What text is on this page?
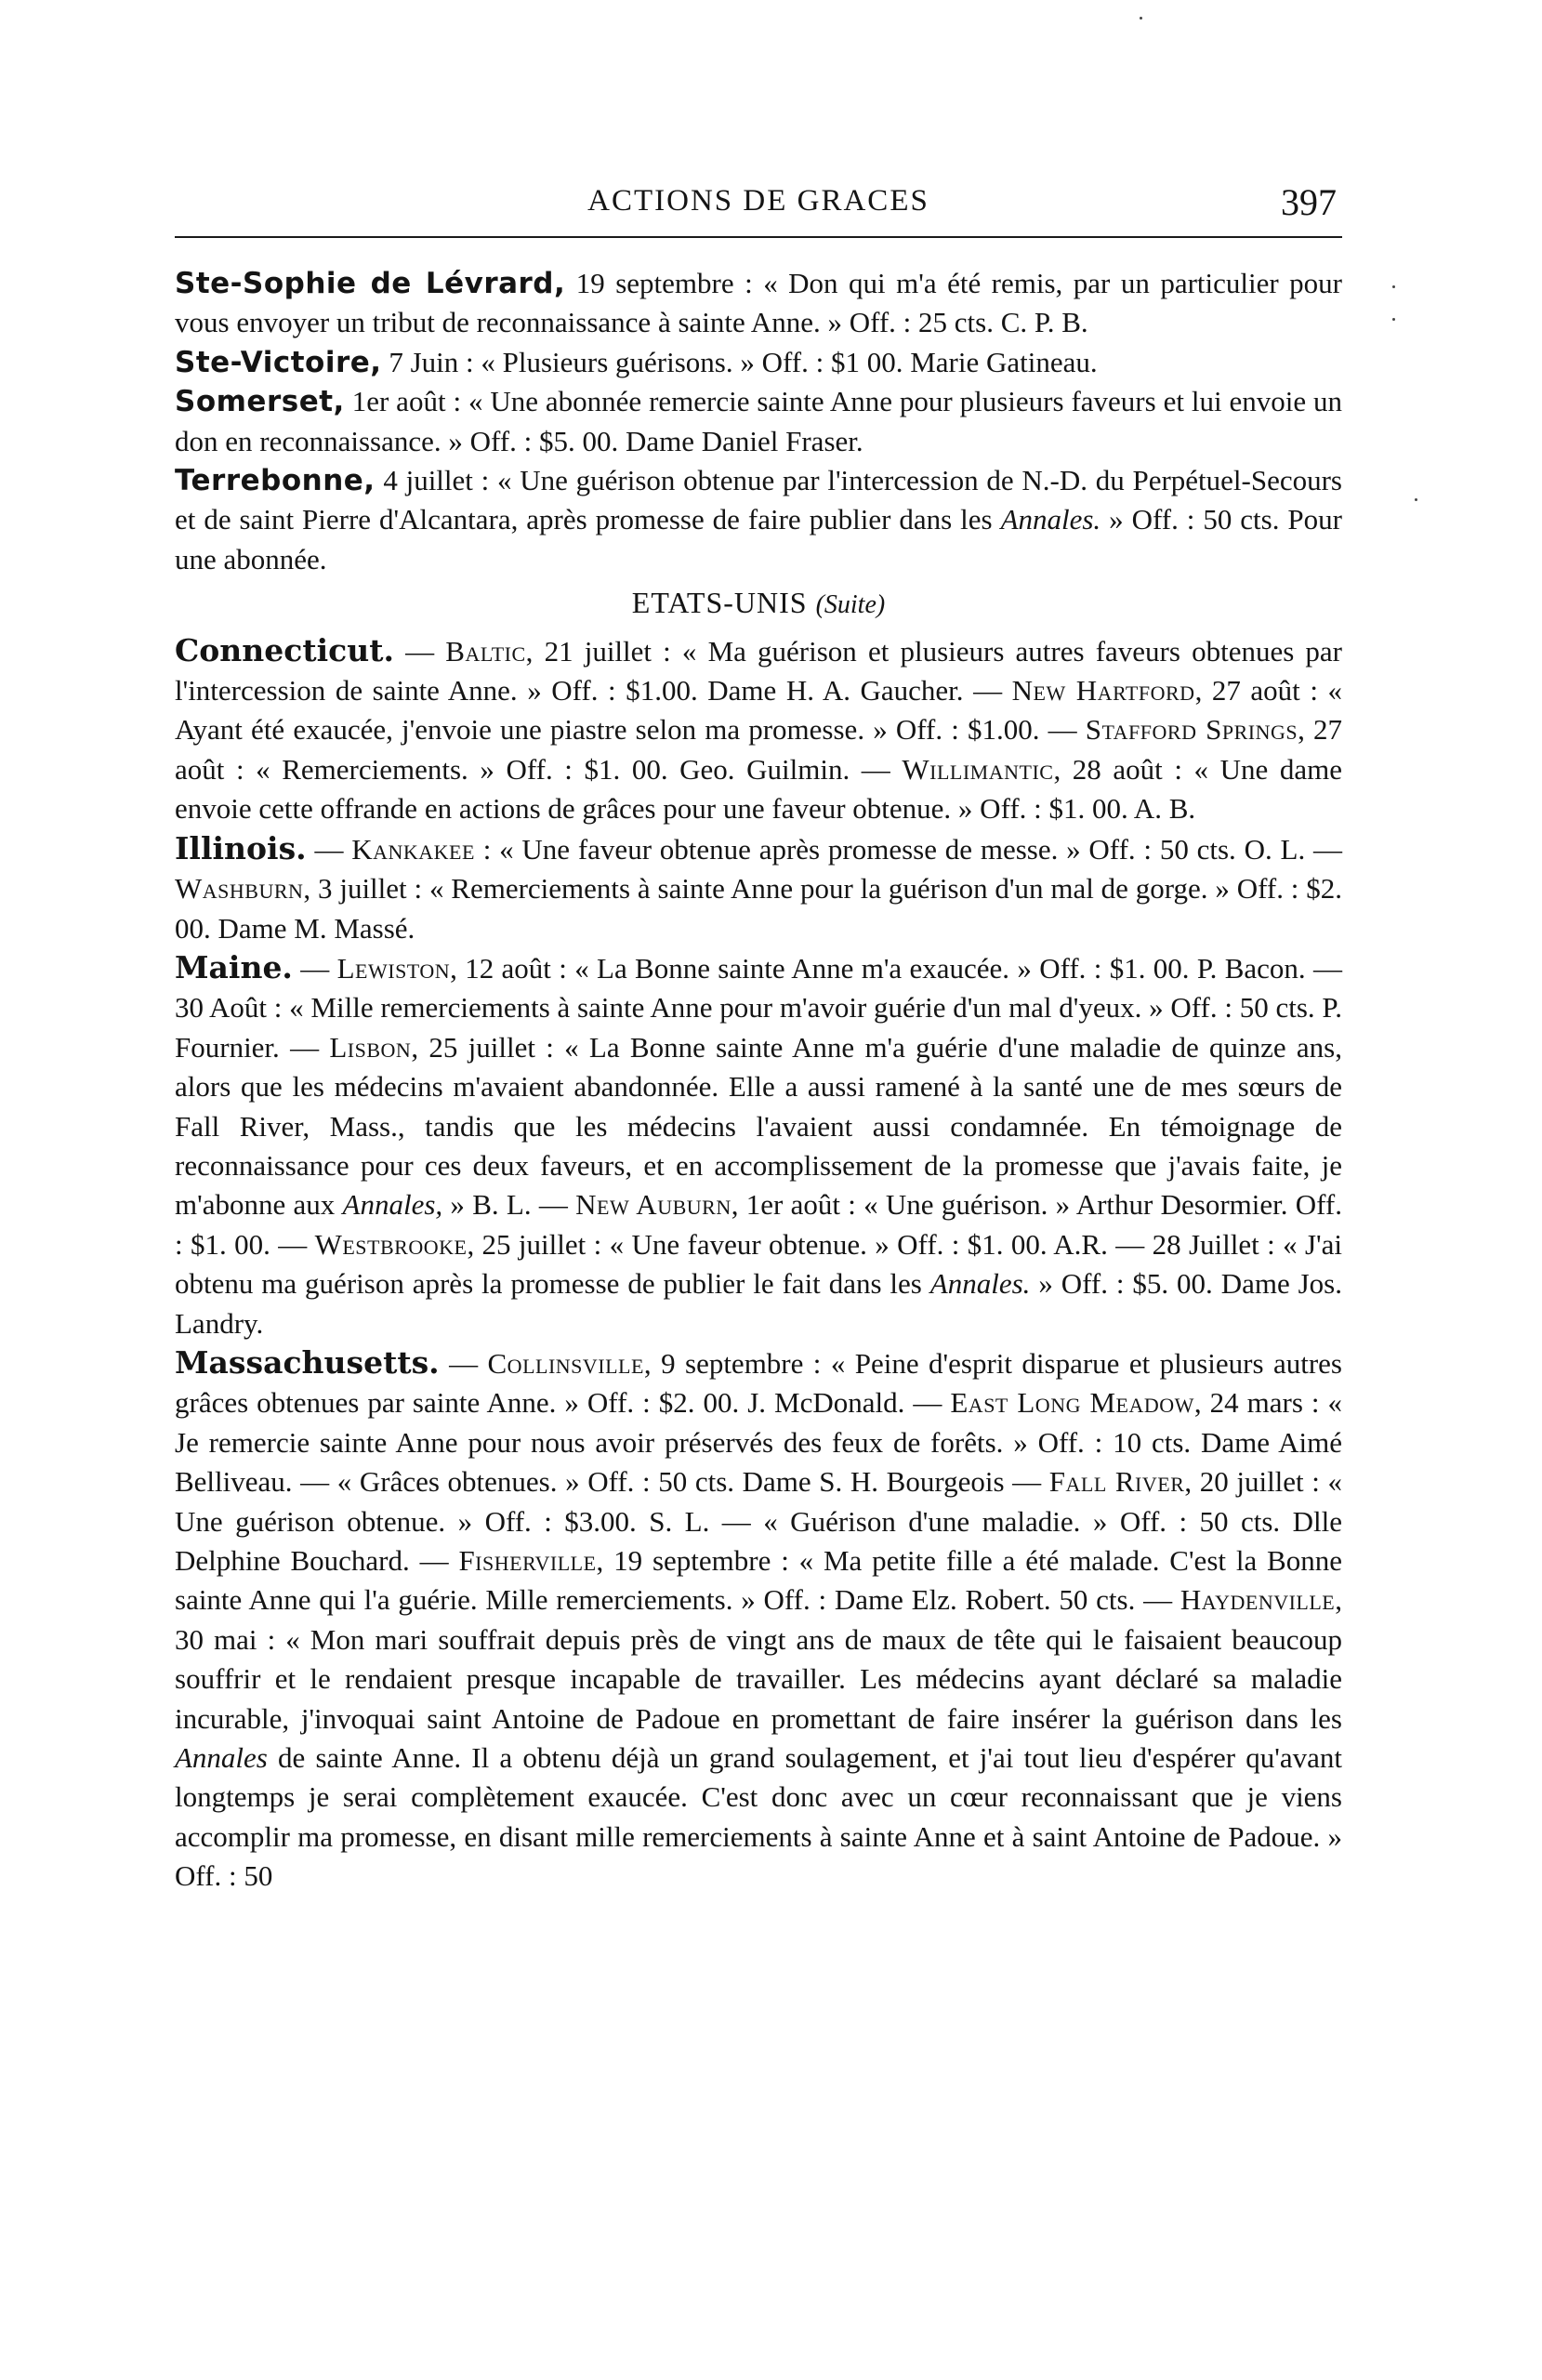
ACTIONS DE GRACES	397

Ste-Sophie de Lévrard, 19 septembre : « Don qui m'a été remis, par un particulier pour vous envoyer un tribut de reconnaissance à sainte Anne. » Off. : 25 cts. C. P. B.

Ste-Victoire, 7 Juin : « Plusieurs guérisons. » Off. : $1 00. Marie Gatineau.

Somerset, 1er août : « Une abonnée remercie sainte Anne pour plusieurs faveurs et lui envoie un don en reconnaissance. » Off. : $5. 00. Dame Daniel Fraser.

Terrebonne, 4 juillet : « Une guérison obtenue par l'intercession de N.-D. du Perpétuel-Secours et de saint Pierre d'Alcantara, après promesse de faire publier dans les Annales. » Off. : 50 cts. Pour une abonnée.

ETATS-UNIS (Suite)

Connecticut. — Baltic, 21 juillet : « Ma guérison et plusieurs autres faveurs obtenues par l'intercession de sainte Anne. » Off. : $1.00. Dame H. A. Gaucher. — New Hartford, 27 août : « Ayant été exaucée, j'envoie une piastre selon ma promesse. » Off. : $1.00. — Stafford Springs, 27 août : « Remerciements. » Off. : $1. 00. Geo. Guilmin. — Willimantic, 28 août : « Une dame envoie cette offrande en actions de grâces pour une faveur obtenue. » Off. : $1. 00. A. B.

Illinois. — Kankakee : « Une faveur obtenue après promesse de messe. » Off. : 50 cts. O. L. — Washburn, 3 juillet : « Remerciements à sainte Anne pour la guérison d'un mal de gorge. » Off. : $2. 00. Dame M. Massé.

Maine. — Lewiston, 12 août : « La Bonne sainte Anne m'a exaucée. » Off. : $1. 00. P. Bacon. — 30 Août : « Mille remerciements à sainte Anne pour m'avoir guérie d'un mal d'yeux. » Off. : 50 cts. P. Fournier. — Lisbon, 25 juillet : « La Bonne sainte Anne m'a guérie d'une maladie de quinze ans, alors que les médecins m'avaient abandonnée. Elle a aussi ramené à la santé une de mes sœurs de Fall River, Mass., tandis que les médecins l'avaient aussi condamnée. En témoignage de reconnaissance pour ces deux faveurs, et en accomplissement de la promesse que j'avais faite, je m'abonne aux Annales, » B. L. — New Auburn, 1er août : « Une guérison. » Arthur Desormier. Off. : $1. 00. — Westbrooke, 25 juillet : « Une faveur obtenue. » Off. : $1. 00. A.R. — 28 Juillet : « J'ai obtenu ma guérison après la promesse de publier le fait dans les Annales. » Off. : $5. 00. Dame Jos. Landry.

Massachusetts. — Collinsville, 9 septembre : « Peine d'esprit disparue et plusieurs autres grâces obtenues par sainte Anne. » Off. : $2. 00. J. McDonald. — East Long Meadow, 24 mars : « Je remercie sainte Anne pour nous avoir préservés des feux de forêts. » Off. : 10 cts. Dame Aimé Belliveau. — « Grâces obtenues. » Off. : 50 cts. Dame S. H. Bourgeois — Fall River, 20 juillet : « Une guérison obtenue. » Off. : $3.00. S. L. — « Guérison d'une maladie. » Off. : 50 cts. Dlle Delphine Bouchard. — Fisherville, 19 septembre : « Ma petite fille a été malade. C'est la Bonne sainte Anne qui l'a guérie. Mille remerciements. » Off. : Dame Elz. Robert. 50 cts. — Haydenville, 30 mai : « Mon mari souffrait depuis près de vingt ans de maux de tête qui le faisaient beaucoup souffrir et le rendaient presque incapable de travailler. Les médecins ayant déclaré sa maladie incurable, j'invoquai saint Antoine de Padoue en promettant de faire insérer la guérison dans les Annales de sainte Anne. Il a obtenu déjà un grand soulagement, et j'ai tout lieu d'espérer qu'avant longtemps je serai complètement exaucée. C'est donc avec un cœur reconnaissant que je viens accomplir ma promesse, en disant mille remerciements à sainte Anne et à saint Antoine de Padoue. » Off. : 50
